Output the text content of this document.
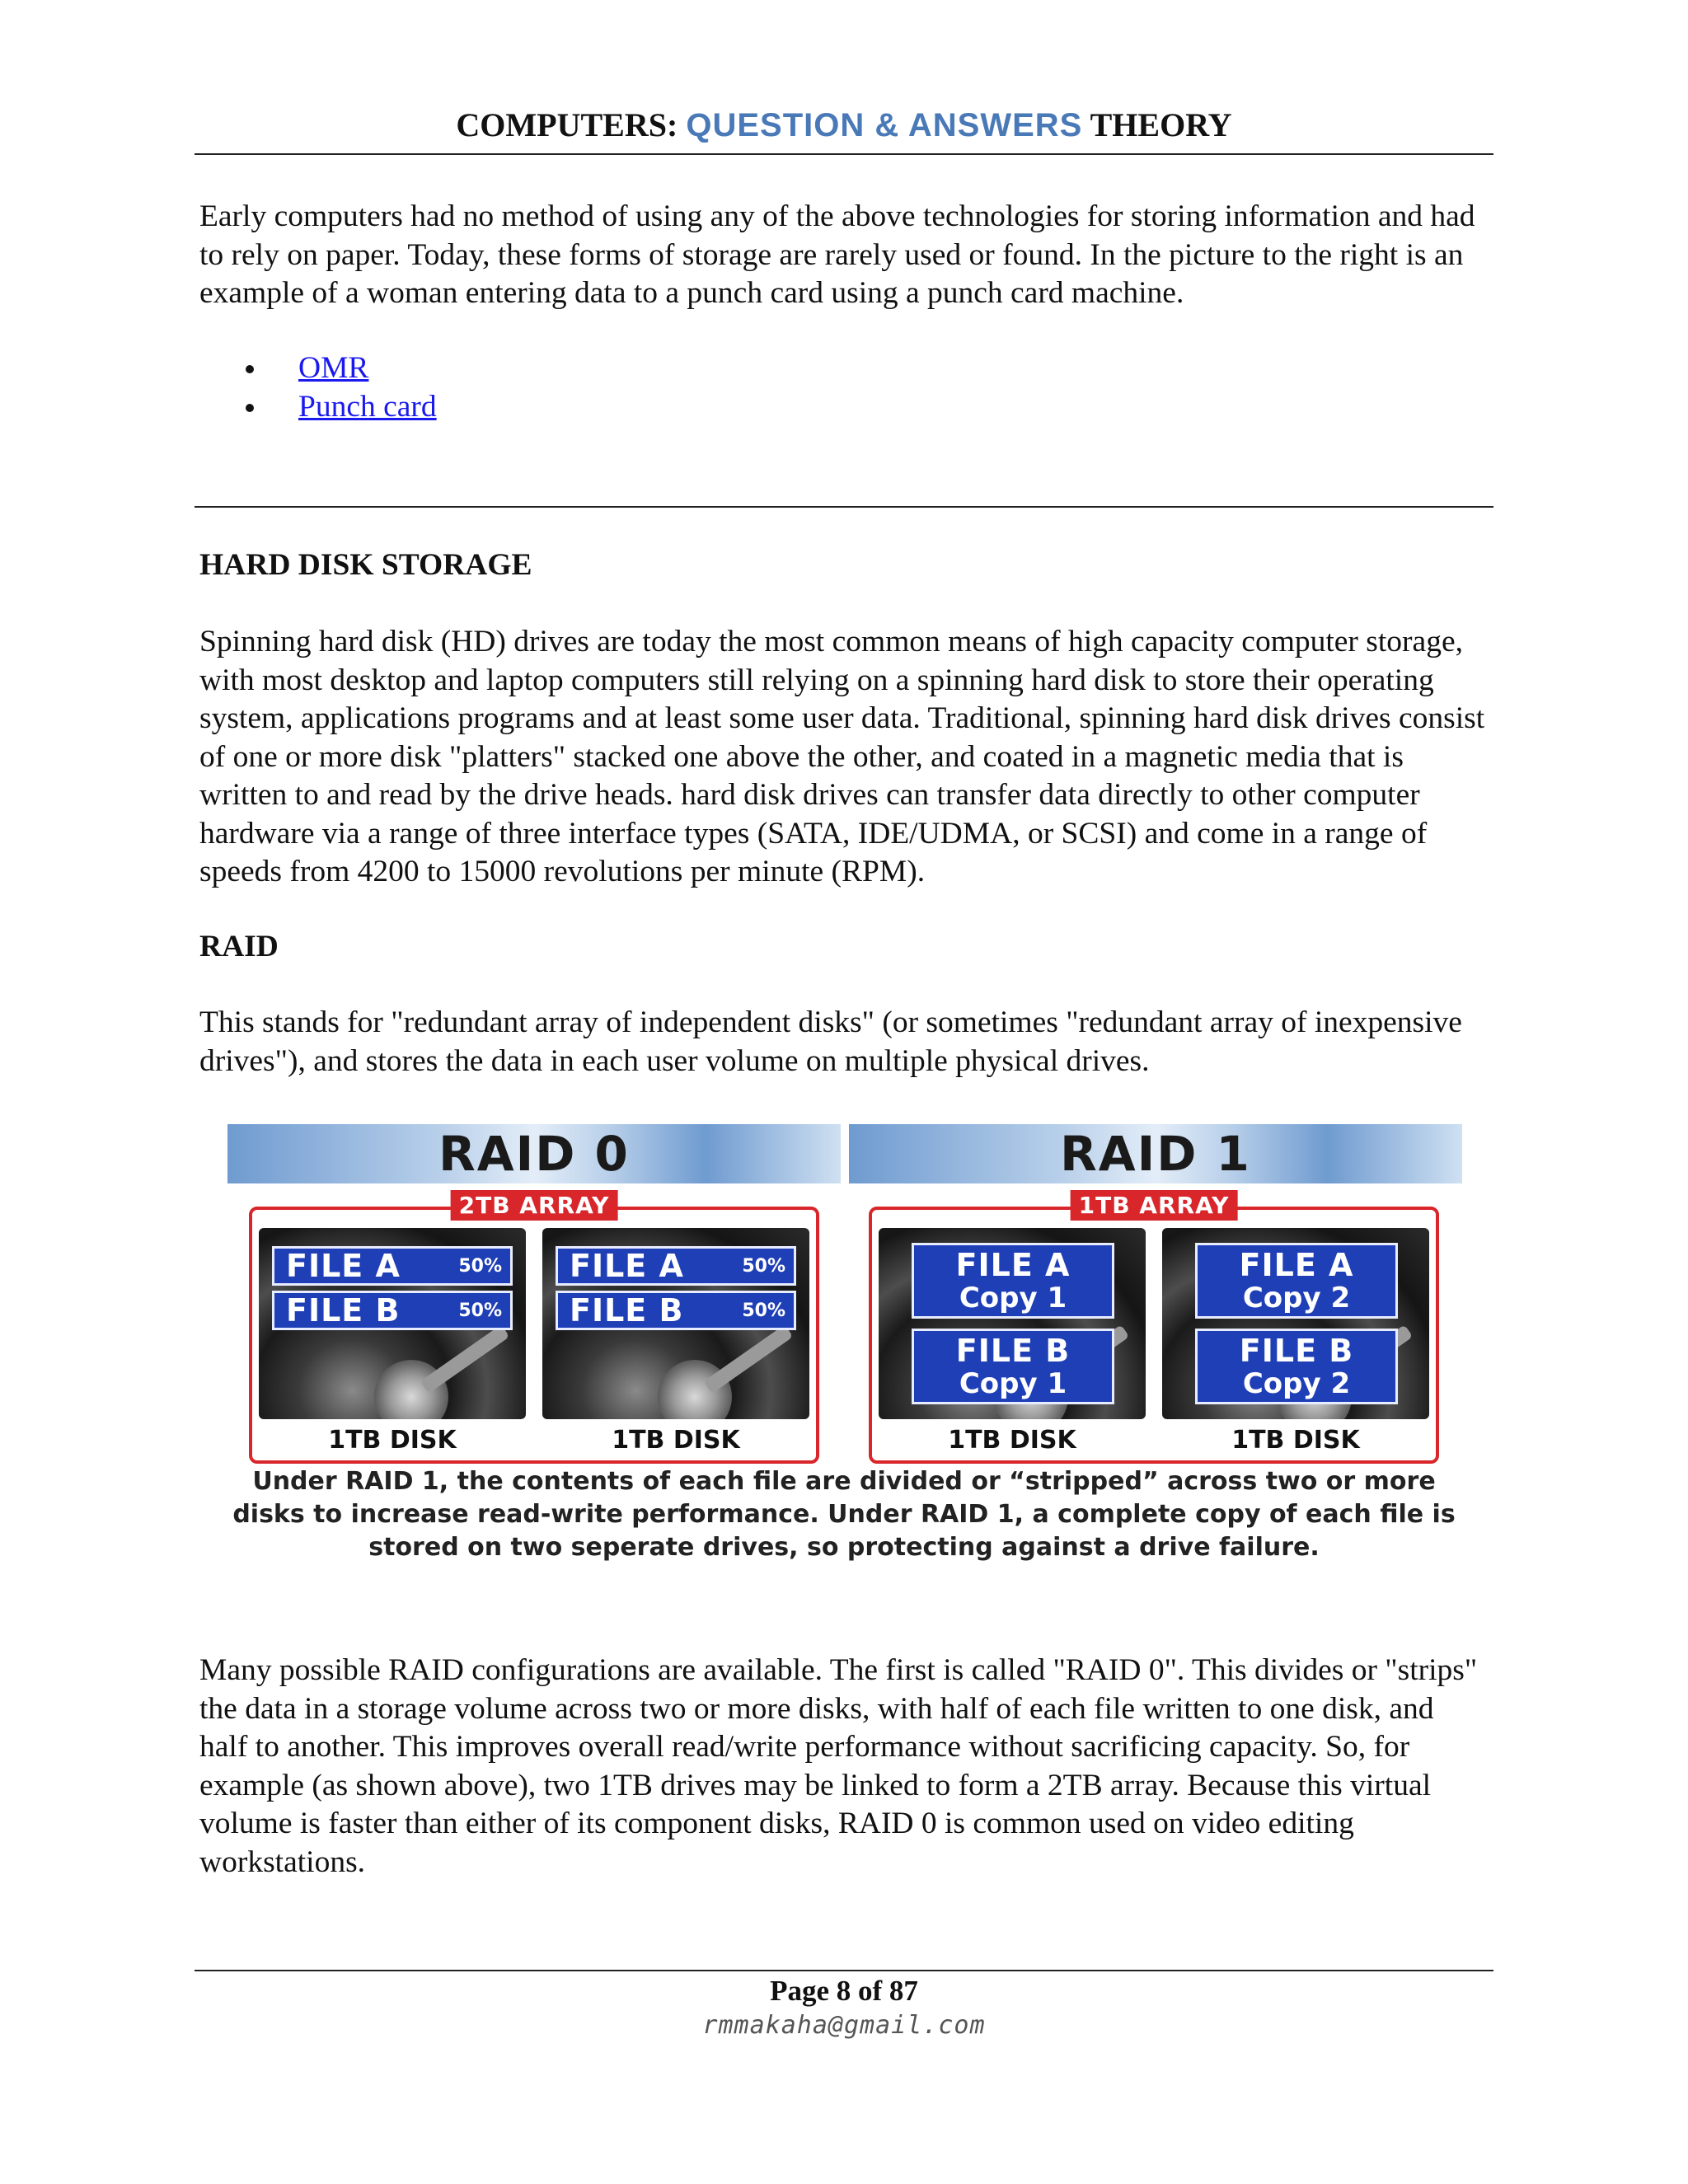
COMPUTERS: QUESTION & ANSWERS THEORY
Early computers had no method of using any of the above technologies for storing information and had to rely on paper. Today, these forms of storage are rarely used or found. In the picture to the right is an example of a woman entering data to a punch card using a punch card machine.
OMR
Punch card
HARD DISK STORAGE
Spinning hard disk (HD) drives are today the most common means of high capacity computer storage, with most desktop and laptop computers still relying on a spinning hard disk to store their operating system, applications programs and at least some user data. Traditional, spinning hard disk drives consist of one or more disk "platters" stacked one above the other, and coated in a magnetic media that is written to and read by the drive heads. hard disk drives can transfer data directly to other computer hardware via a range of three interface types (SATA, IDE/UDMA, or SCSI) and come in a range of speeds from 4200 to 15000 revolutions per minute (RPM).
RAID
This stands for "redundant array of independent disks" (or sometimes "redundant array of inexpensive drives"), and stores the data in each user volume on multiple physical drives.
RAID 0	RAID 1
2TB ARRAY
FILE A	50%
FILE B	50%
FILE A	50%
FILE B	50%
1TB DISK	1TB DISK
1TB ARRAY
FILE A
Copy 1
FILE B
Copy 1
FILE A
Copy 2
FILE B
Copy 2
1TB DISK	1TB DISK
Under RAID 1, the contents of each file are divided or “stripped” across two or more disks to increase read-write performance. Under RAID 1, a complete copy of each file is stored on two seperate drives, so protecting against a drive failure.
Many possible RAID configurations are available. The first is called "RAID 0". This divides or "strips" the data in a storage volume across two or more disks, with half of each file written to one disk, and half to another. This improves overall read/write performance without sacrificing capacity. So, for example (as shown above), two 1TB drives may be linked to form a 2TB array. Because this virtual volume is faster than either of its component disks, RAID 0 is common used on video editing workstations.
Page 8 of 87
rmmakaha@gmail.com
